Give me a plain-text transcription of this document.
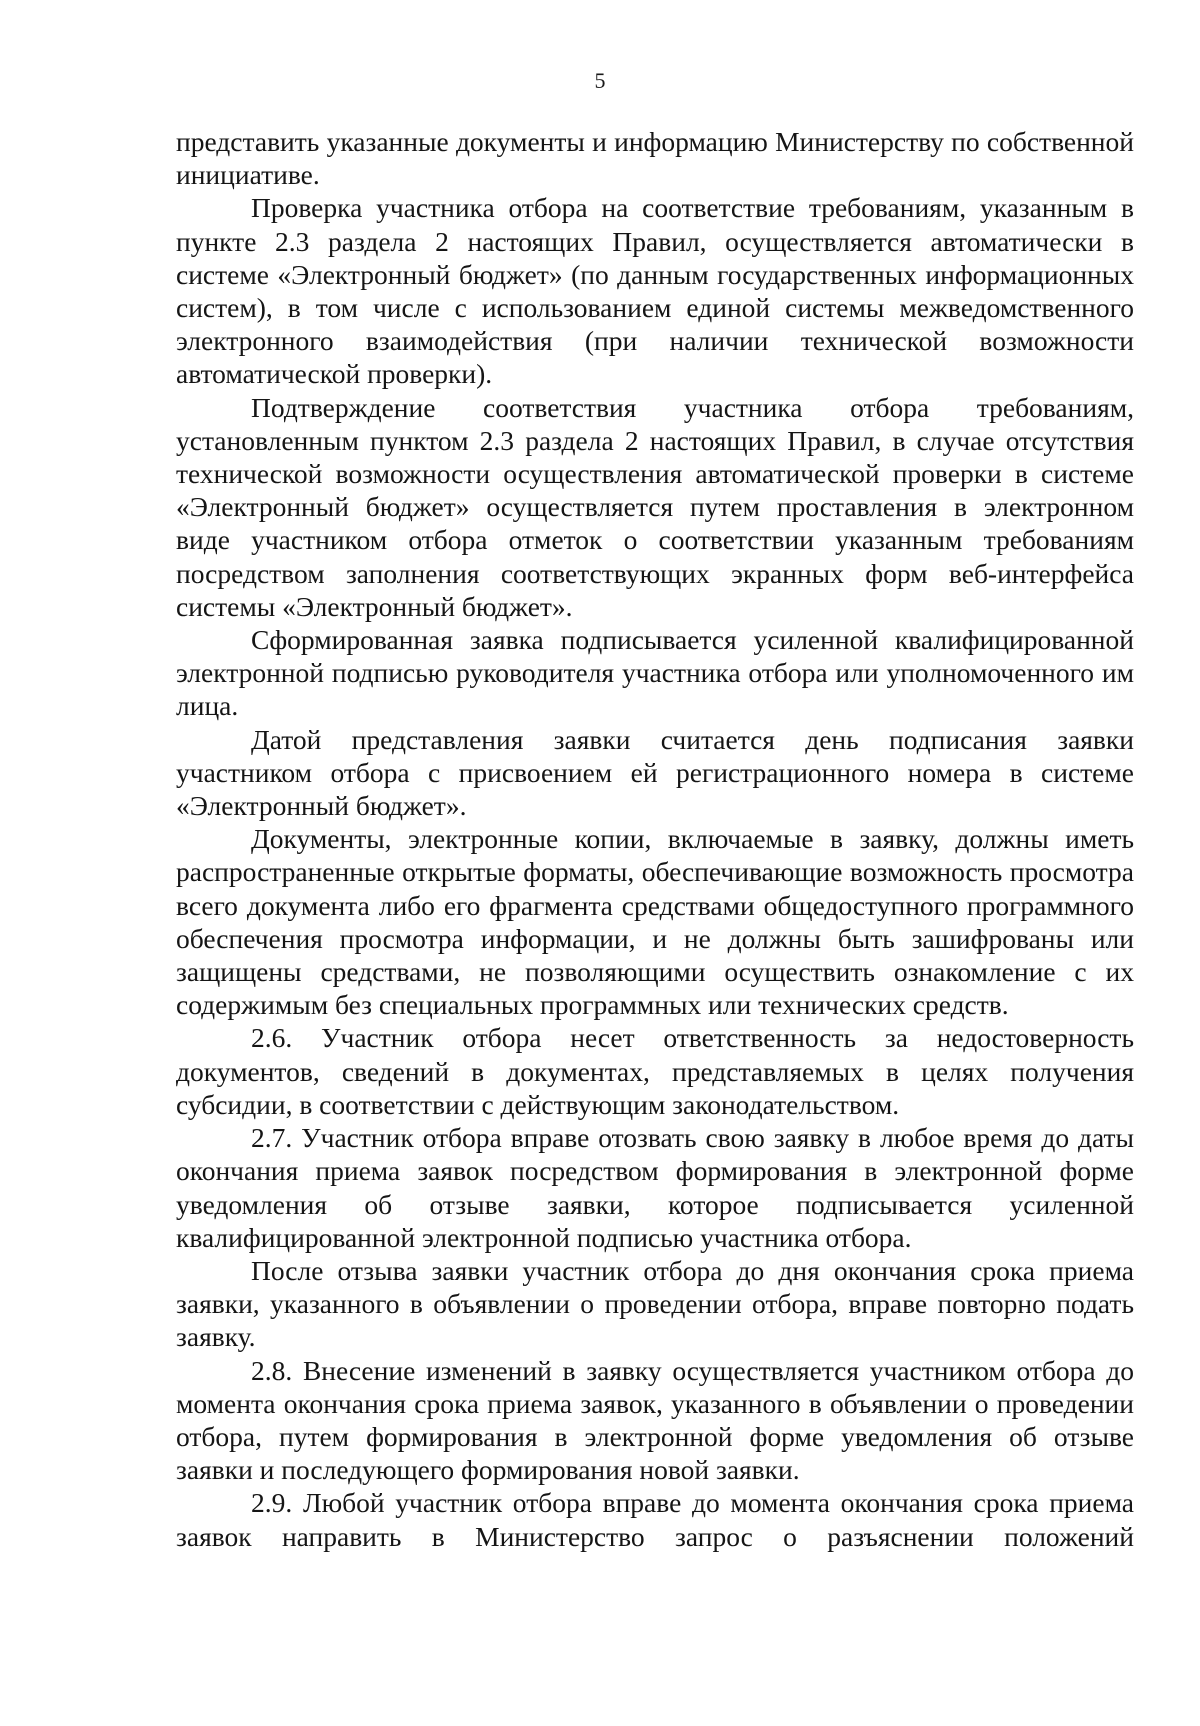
5

представить указанные документы и информацию Министерству по собственной инициативе.

Проверка участника отбора на соответствие требованиям, указанным в пункте 2.3 раздела 2 настоящих Правил, осуществляется автоматически в системе «Электронный бюджет» (по данным государственных информационных систем), в том числе с использованием единой системы межведомственного электронного взаимодействия (при наличии технической возможности автоматической проверки).

Подтверждение соответствия участника отбора требованиям, установленным пунктом 2.3 раздела 2 настоящих Правил, в случае отсутствия технической возможности осуществления автоматической проверки в системе «Электронный бюджет» осуществляется путем проставления в электронном виде участником отбора отметок о соответствии указанным требованиям посредством заполнения соответствующих экранных форм веб-интерфейса системы «Электронный бюджет».

Сформированная заявка подписывается усиленной квалифицированной электронной подписью руководителя участника отбора или уполномоченного им лица.

Датой представления заявки считается день подписания заявки участником отбора с присвоением ей регистрационного номера в системе «Электронный бюджет».

Документы, электронные копии, включаемые в заявку, должны иметь распространенные открытые форматы, обеспечивающие возможность просмотра всего документа либо его фрагмента средствами общедоступного программного обеспечения просмотра информации, и не должны быть зашифрованы или защищены средствами, не позволяющими осуществить ознакомление с их содержимым без специальных программных или технических средств.

2.6. Участник отбора несет ответственность за недостоверность документов, сведений в документах, представляемых в целях получения субсидии, в соответствии с действующим законодательством.

2.7. Участник отбора вправе отозвать свою заявку в любое время до даты окончания приема заявок посредством формирования в электронной форме уведомления об отзыве заявки, которое подписывается усиленной квалифицированной электронной подписью участника отбора.

После отзыва заявки участник отбора до дня окончания срока приема заявки, указанного в объявлении о проведении отбора, вправе повторно подать заявку.

2.8. Внесение изменений в заявку осуществляется участником отбора до момента окончания срока приема заявок, указанного в объявлении о проведении отбора, путем формирования в электронной форме уведомления об отзыве заявки и последующего формирования новой заявки.

2.9. Любой участник отбора вправе до момента окончания срока приема заявок направить в Министерство запрос о разъяснении положений
